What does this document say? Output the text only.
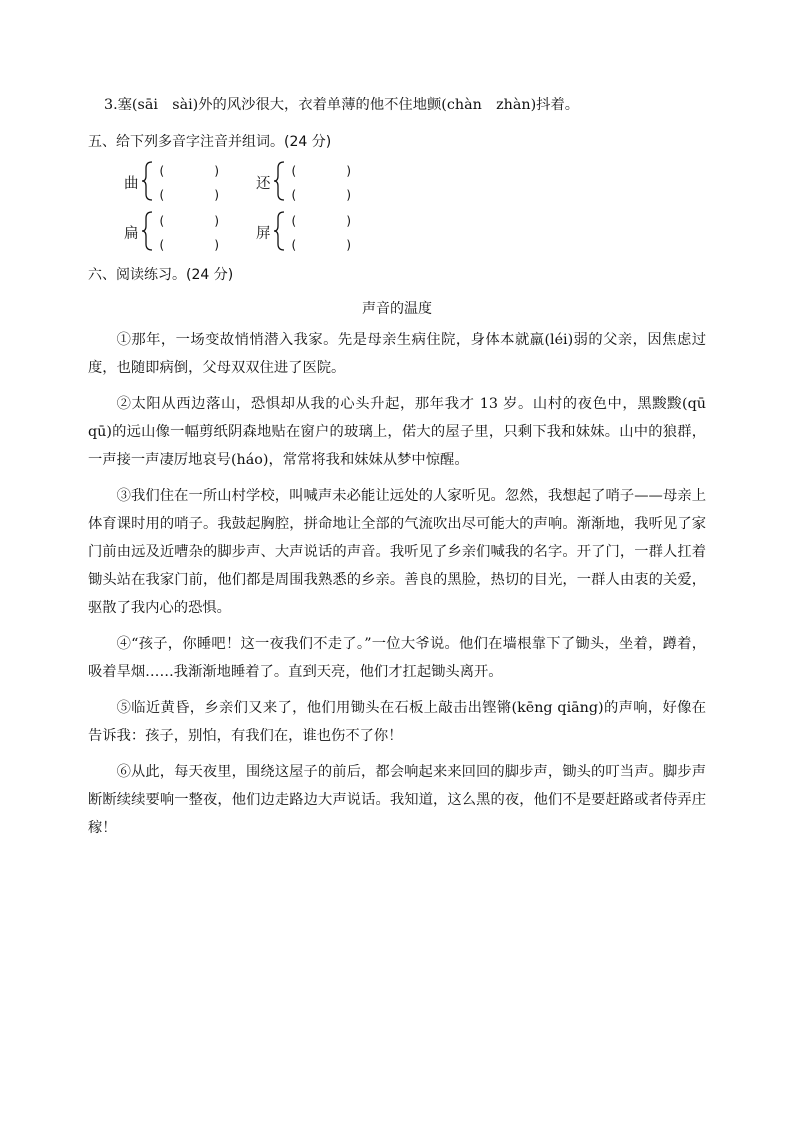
3.塞(sāi　sài)外的风沙很大，衣着单薄的他不住地颤(chàn　zhàn)抖着。
五、给下列多音字注音并组词。(24 分)
曲
(　　　　)
(　　　　)
还
(　　　　)
(　　　　)
扁
(　　　　)
(　　　　)
屏
(　　　　)
(　　　　)
六、阅读练习。(24 分)
声音的温度

①那年，一场变故悄悄潜入我家。先是母亲生病住院，身体本就羸(léi)弱的父亲，因焦虑过度，也随即病倒，父母双双住进了医院。

②太阳从西边落山，恐惧却从我的心头升起，那年我才 13 岁。山村的夜色中，黑黢黢(qū qū)的远山像一幅剪纸阴森地贴在窗户的玻璃上，偌大的屋子里，只剩下我和妹妹。山中的狼群，一声接一声凄厉地哀号(háo)，常常将我和妹妹从梦中惊醒。

③我们住在一所山村学校，叫喊声未必能让远处的人家听见。忽然，我想起了哨子——母亲上体育课时用的哨子。我鼓起胸腔，拼命地让全部的气流吹出尽可能大的声响。渐渐地，我听见了家门前由远及近嘈杂的脚步声、大声说话的声音。我听见了乡亲们喊我的名字。开了门，一群人扛着锄头站在我家门前，他们都是周围我熟悉的乡亲。善良的黑脸，热切的目光，一群人由衷的关爱，驱散了我内心的恐惧。

④“孩子，你睡吧！这一夜我们不走了。”一位大爷说。他们在墙根靠下了锄头，坐着，蹲着，吸着旱烟……我渐渐地睡着了。直到天亮，他们才扛起锄头离开。

⑤临近黄昏，乡亲们又来了，他们用锄头在石板上敲击出铿锵(kēng qiāng)的声响，好像在告诉我：孩子，别怕，有我们在，谁也伤不了你！

⑥从此，每天夜里，围绕这屋子的前后，都会响起来来回回的脚步声，锄头的叮当声。脚步声断断续续要响一整夜，他们边走路边大声说话。我知道，这么黑的夜，他们不是要赶路或者侍弄庄稼！
